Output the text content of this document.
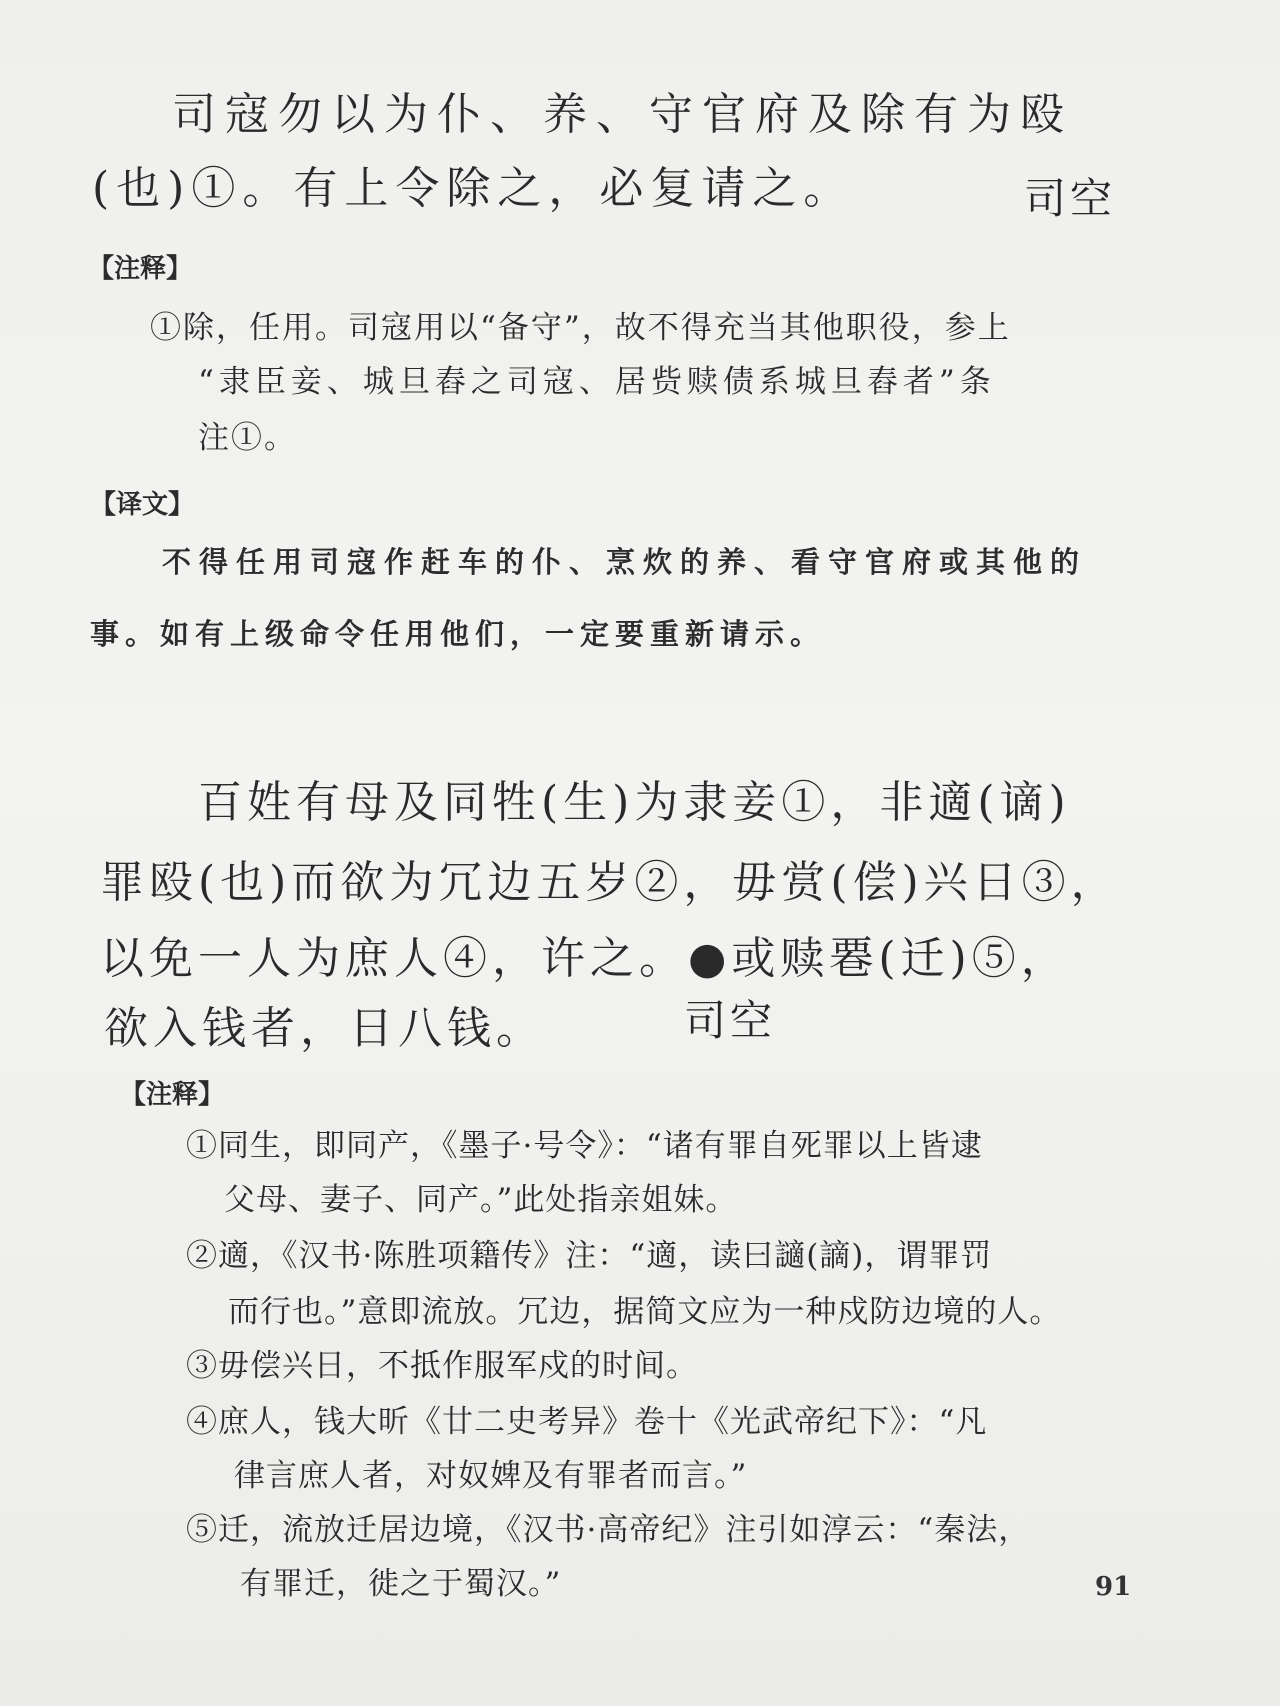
司寇勿以为仆、养、守官府及除有为殴

(也)①。有上令除之，必复请之。	司空

【注释】

①除，任用。司寇用以“备守”，故不得充当其他职役，参上

“隶臣妾、城旦舂之司寇、居赀赎债系城旦舂者”条

注①。

【译文】

不得任用司寇作赶车的仆、烹炊的养、看守官府或其他的

事。如有上级命令任用他们，一定要重新请示。

百姓有母及同牲(生)为隶妾①，非適(谪)

罪殴(也)而欲为冗边五岁②，毋赏(偿)兴日③，

以免一人为庶人④，许之。●或赎䙴(迁)⑤，

欲入钱者，日八钱。	司空

【注释】

①同生，即同产，《墨子·号令》：“诸有罪自死罪以上皆逮

父母、妻子、同产。”此处指亲姐妹。

②適，《汉书·陈胜项籍传》注：“適，读曰讁(謫)，谓罪罚

而行也。”意即流放。冗边，据简文应为一种戍防边境的人。

③毋偿兴日，不抵作服军戍的时间。

④庶人，钱大昕《廿二史考异》卷十《光武帝纪下》：“凡

律言庶人者，对奴婢及有罪者而言。”

⑤迁，流放迁居边境，《汉书·高帝纪》注引如淳云：“秦法，

有罪迁，徙之于蜀汉。”	91
